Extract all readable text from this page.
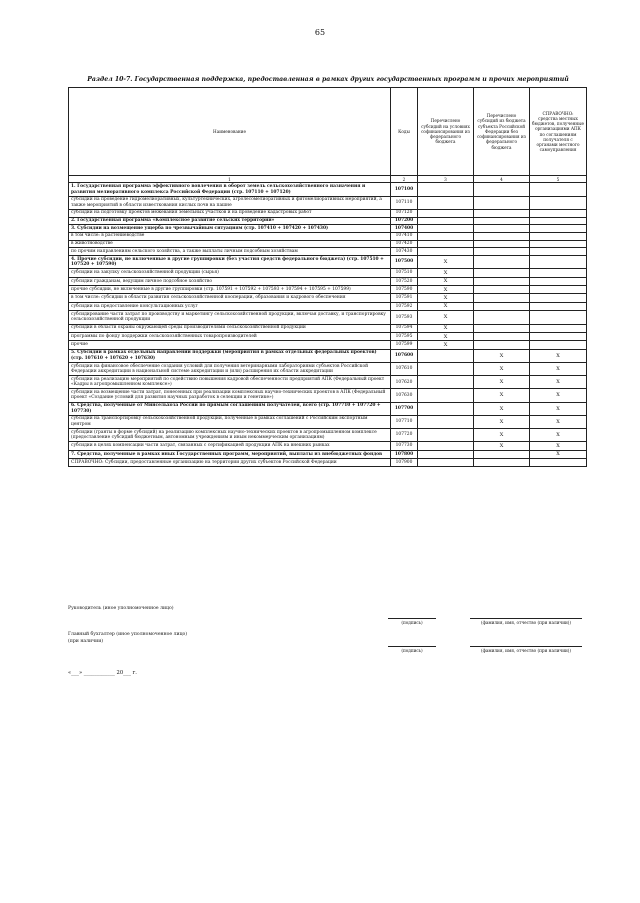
65
Раздел 10-7. Государственная поддержка, предоставленная в рамках других государственных программ и прочих мероприятий
Наименование	Коды	Перечислено субсидий на условиях софинансирования из федерального бюджета	Перечислено субсидий из бюджета субъекта Российской Федерации без софинансирования из федерального бюджета	СПРАВОЧНО: средства местных бюджетов, полученные организациями АПК по соглашениям получателя с органами местного самоуправления
1	2	3	4	5
1. Государственная программа эффективного вовлечения в оборот земель сельскохозяйственного назначения и развития мелиоративного комплекса Российской Федерации (стр. 107110 + 107120)	107100			
субсидии на проведение гидромелиоративных, культуртехнических, агролесомелиоративных и фитомелиоративных мероприятий, а также мероприятий в области известкования кислых почв на пашне	107110			
субсидии на подготовку проектов межевания земельных участков и на проведение кадастровых работ	107120			
2. Государственная программа «Комплексное развитие сельских территорий»	107200			
3. Субсидии на возмещение ущерба по чрезвычайным ситуациям (стр. 107410 + 107420 + 107430)	107400			
в том числе: в растениеводстве	107410			
в животноводстве	107420			
по прочим направлениям сельского хозяйства, а также выплаты личным подсобным хозяйствам	107430			
4. Прочие субсидии, не включенные в другие группировки (без участия средств федерального бюджета) (стр. 107510 + 107520 + 107590)	107500	X		
субсидии на закупку сельскохозяйственной продукции (сырья)	107510	X		
субсидии гражданам, ведущим личное подсобное хозяйство	107520	X		
прочие субсидии, не включенные в другие группировки (стр. 107591 + 107592 + 107593 + 107594 + 107595 + 107599)	107590	X		
в том числе: субсидии в области развития сельскохозяйственной кооперации, образования и кадрового обеспечения	107591	X		
субсидии на предоставление консультационных услуг	107592	X		
субсидирование части затрат по производству и маркетингу сельскохозяйственной продукции, включая доставку, и транспортировку сельскохозяйственной продукции	107593	X		
субсидии в области охраны окружающей среды производителями сельскохозяйственной продукции	107594	X		
программы по фонду поддержки сельскохозяйственных товаропроизводителей	107595	X		
прочие	107599	X		
5. Субсидии в рамках отдельных направлений поддержки (мероприятия в рамках отдельных федеральных проектов) (стр. 107610 + 107620 + 107630)	107600		X	X
субсидии на финансовое обеспечение создания условий для получения ветеринарными лабораториями субъектов Российской Федерации аккредитации в национальной системе аккредитации и (или) расширения их области аккредитации	107610		X	X
субсидии на реализацию мероприятий по содействию повышения кадровой обеспеченности предприятий АПК (Федеральный проект «Кадры в агропромышленном комплексе»)	107620		X	X
субсидии на возмещение части затрат, понесенных при реализации комплексных научно-технических проектов в АПК (Федеральный проект «Создание условий для развития научных разработок в селекции и генетике»)	107630		X	X
6. Средства, полученные от Минсельхоза России по прямым соглашениям получателей, всего (стр. 107710 + 107720 + 107730)	107700		X	X
субсидии на транспортировку сельскохозяйственной продукции, полученные в рамках соглашений с Российским экспортным центром	107710		X	X
субсидии (гранты в форме субсидий) на реализацию комплексных научно-технических проектов в агропромышленном комплексе (предоставление субсидий бюджетным, автономным учреждениям и иным некоммерческим организациям)	107720		X	X
субсидии в целях компенсации части затрат, связанных с сертификацией продукции АПК на внешних рынках	107730		X	X
7. Средства, полученные в рамках иных Государственных программ, мероприятий, выплаты из внебюджетных фондов	107800			X
СПРАВОЧНО: Субсидии, предоставленные организацию на территории других субъектов Российской Федерации	107900			
Руководитель (иное уполномоченное лицо)
(подпись)	(фамилия, имя, отчество (при наличии))
Главный бухгалтер (иное уполномоченное лицо)
(при наличии)
(подпись)	(фамилия, имя, отчество (при наличии))
«___» ____________ 20___ г.
